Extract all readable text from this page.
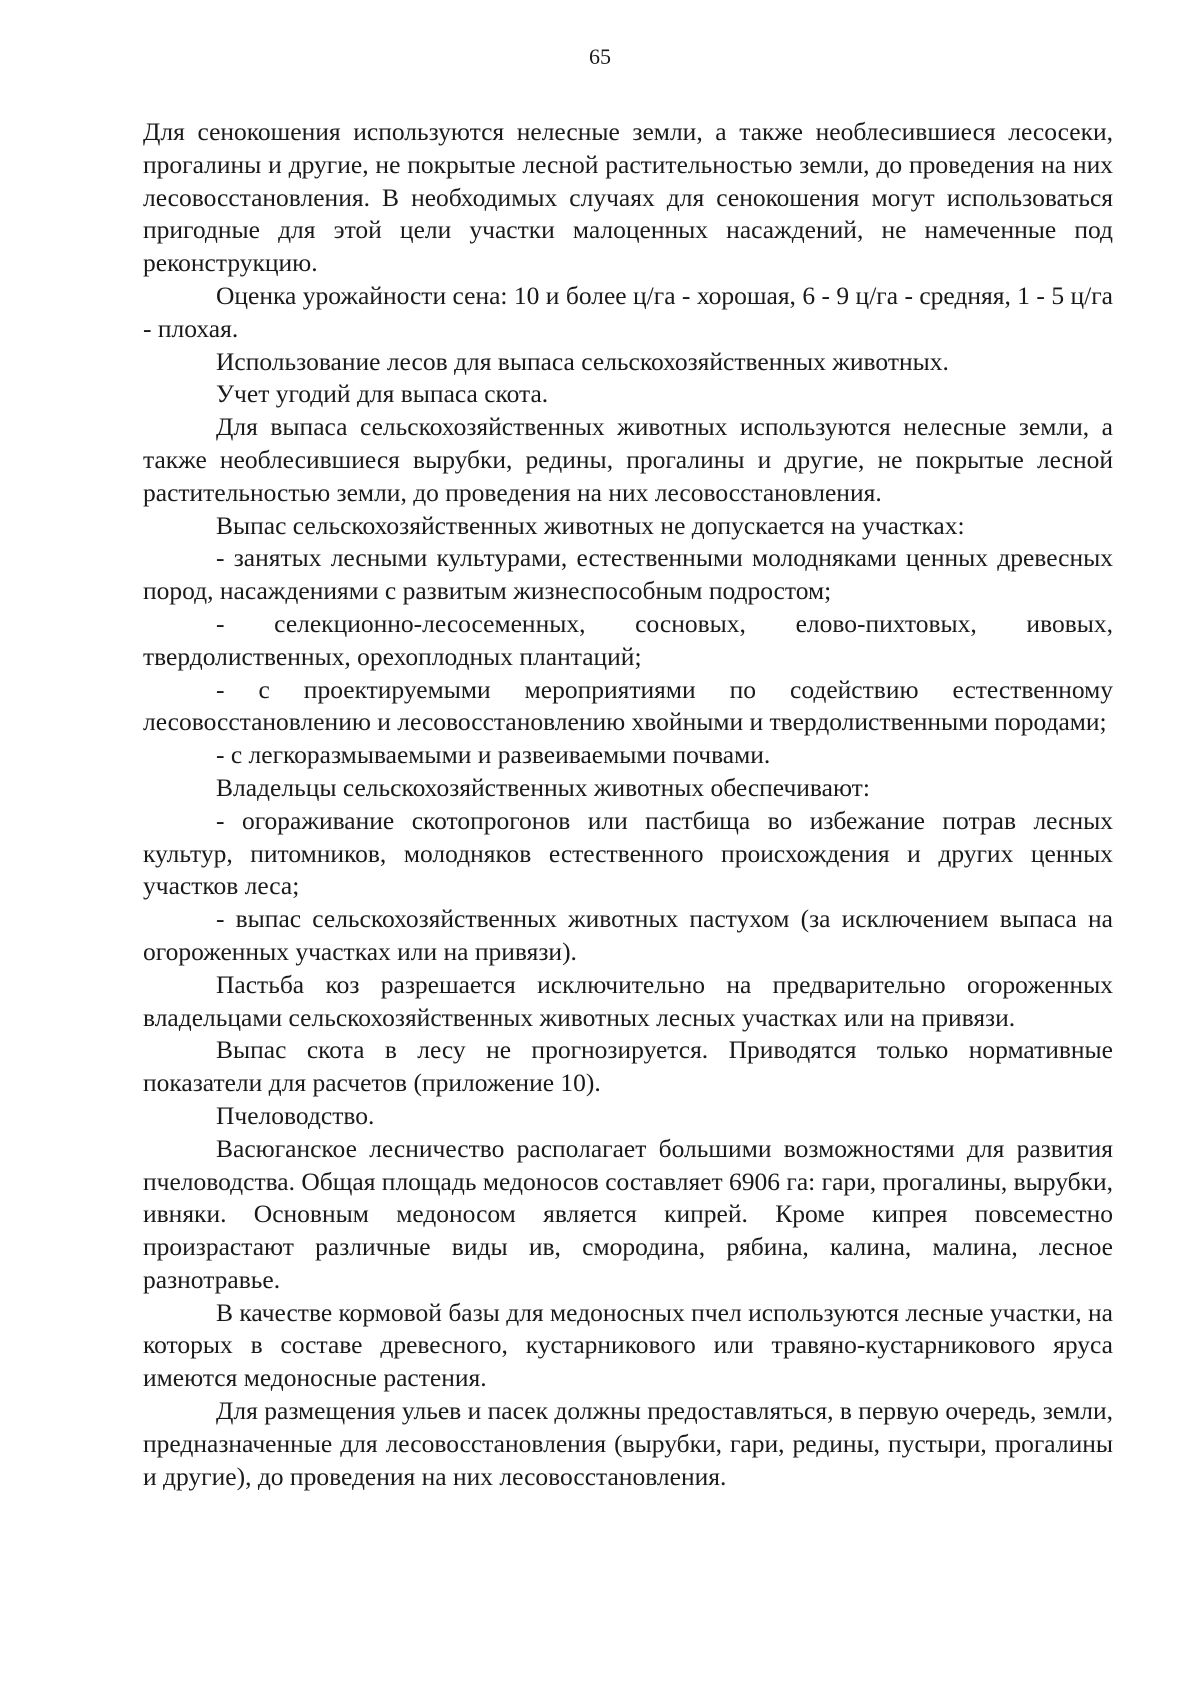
65

Для сенокошения используются нелесные земли, а также необлесившиеся лесосеки, прогалины и другие, не покрытые лесной растительностью земли, до проведения на них лесовосстановления. В необходимых случаях для сенокошения могут использоваться пригодные для этой цели участки малоценных насаждений, не намеченные под реконструкцию.

Оценка урожайности сена: 10 и более ц/га - хорошая, 6 - 9 ц/га - средняя, 1 - 5 ц/га - плохая.

Использование лесов для выпаса сельскохозяйственных животных.

Учет угодий для выпаса скота.

Для выпаса сельскохозяйственных животных используются нелесные земли, а также необлесившиеся вырубки, редины, прогалины и другие, не покрытые лесной растительностью земли, до проведения на них лесовосстановления.

Выпас сельскохозяйственных животных не допускается на участках:

- занятых лесными культурами, естественными молодняками ценных древесных пород, насаждениями с развитым жизнеспособным подростом;

- селекционно-лесосеменных, сосновых, елово-пихтовых, ивовых, твердолиственных, орехоплодных плантаций;

- с проектируемыми мероприятиями по содействию естественному лесовосстановлению и лесовосстановлению хвойными и твердолиственными породами;

- с легкоразмываемыми и развеиваемыми почвами.

Владельцы сельскохозяйственных животных обеспечивают:

- огораживание скотопрогонов или пастбища во избежание потрав лесных культур, питомников, молодняков естественного происхождения и других ценных участков леса;

- выпас сельскохозяйственных животных пастухом (за исключением выпаса на огороженных участках или на привязи).

Пастьба коз разрешается исключительно на предварительно огороженных владельцами сельскохозяйственных животных лесных участках или на привязи.

Выпас скота в лесу не прогнозируется. Приводятся только нормативные показатели для расчетов (приложение 10).

Пчеловодство.

Васюганское лесничество располагает большими возможностями для развития пчеловодства. Общая площадь медоносов составляет 6906 га: гари, прогалины, вырубки, ивняки. Основным медоносом является кипрей. Кроме кипрея повсеместно произрастают различные виды ив, смородина, рябина, калина, малина, лесное разнотравье.

В качестве кормовой базы для медоносных пчел используются лесные участки, на которых в составе древесного, кустарникового или травяно-кустарникового яруса имеются медоносные растения.

Для размещения ульев и пасек должны предоставляться, в первую очередь, земли, предназначенные для лесовосстановления (вырубки, гари, редины, пустыри, прогалины и другие), до проведения на них лесовосстановления.
